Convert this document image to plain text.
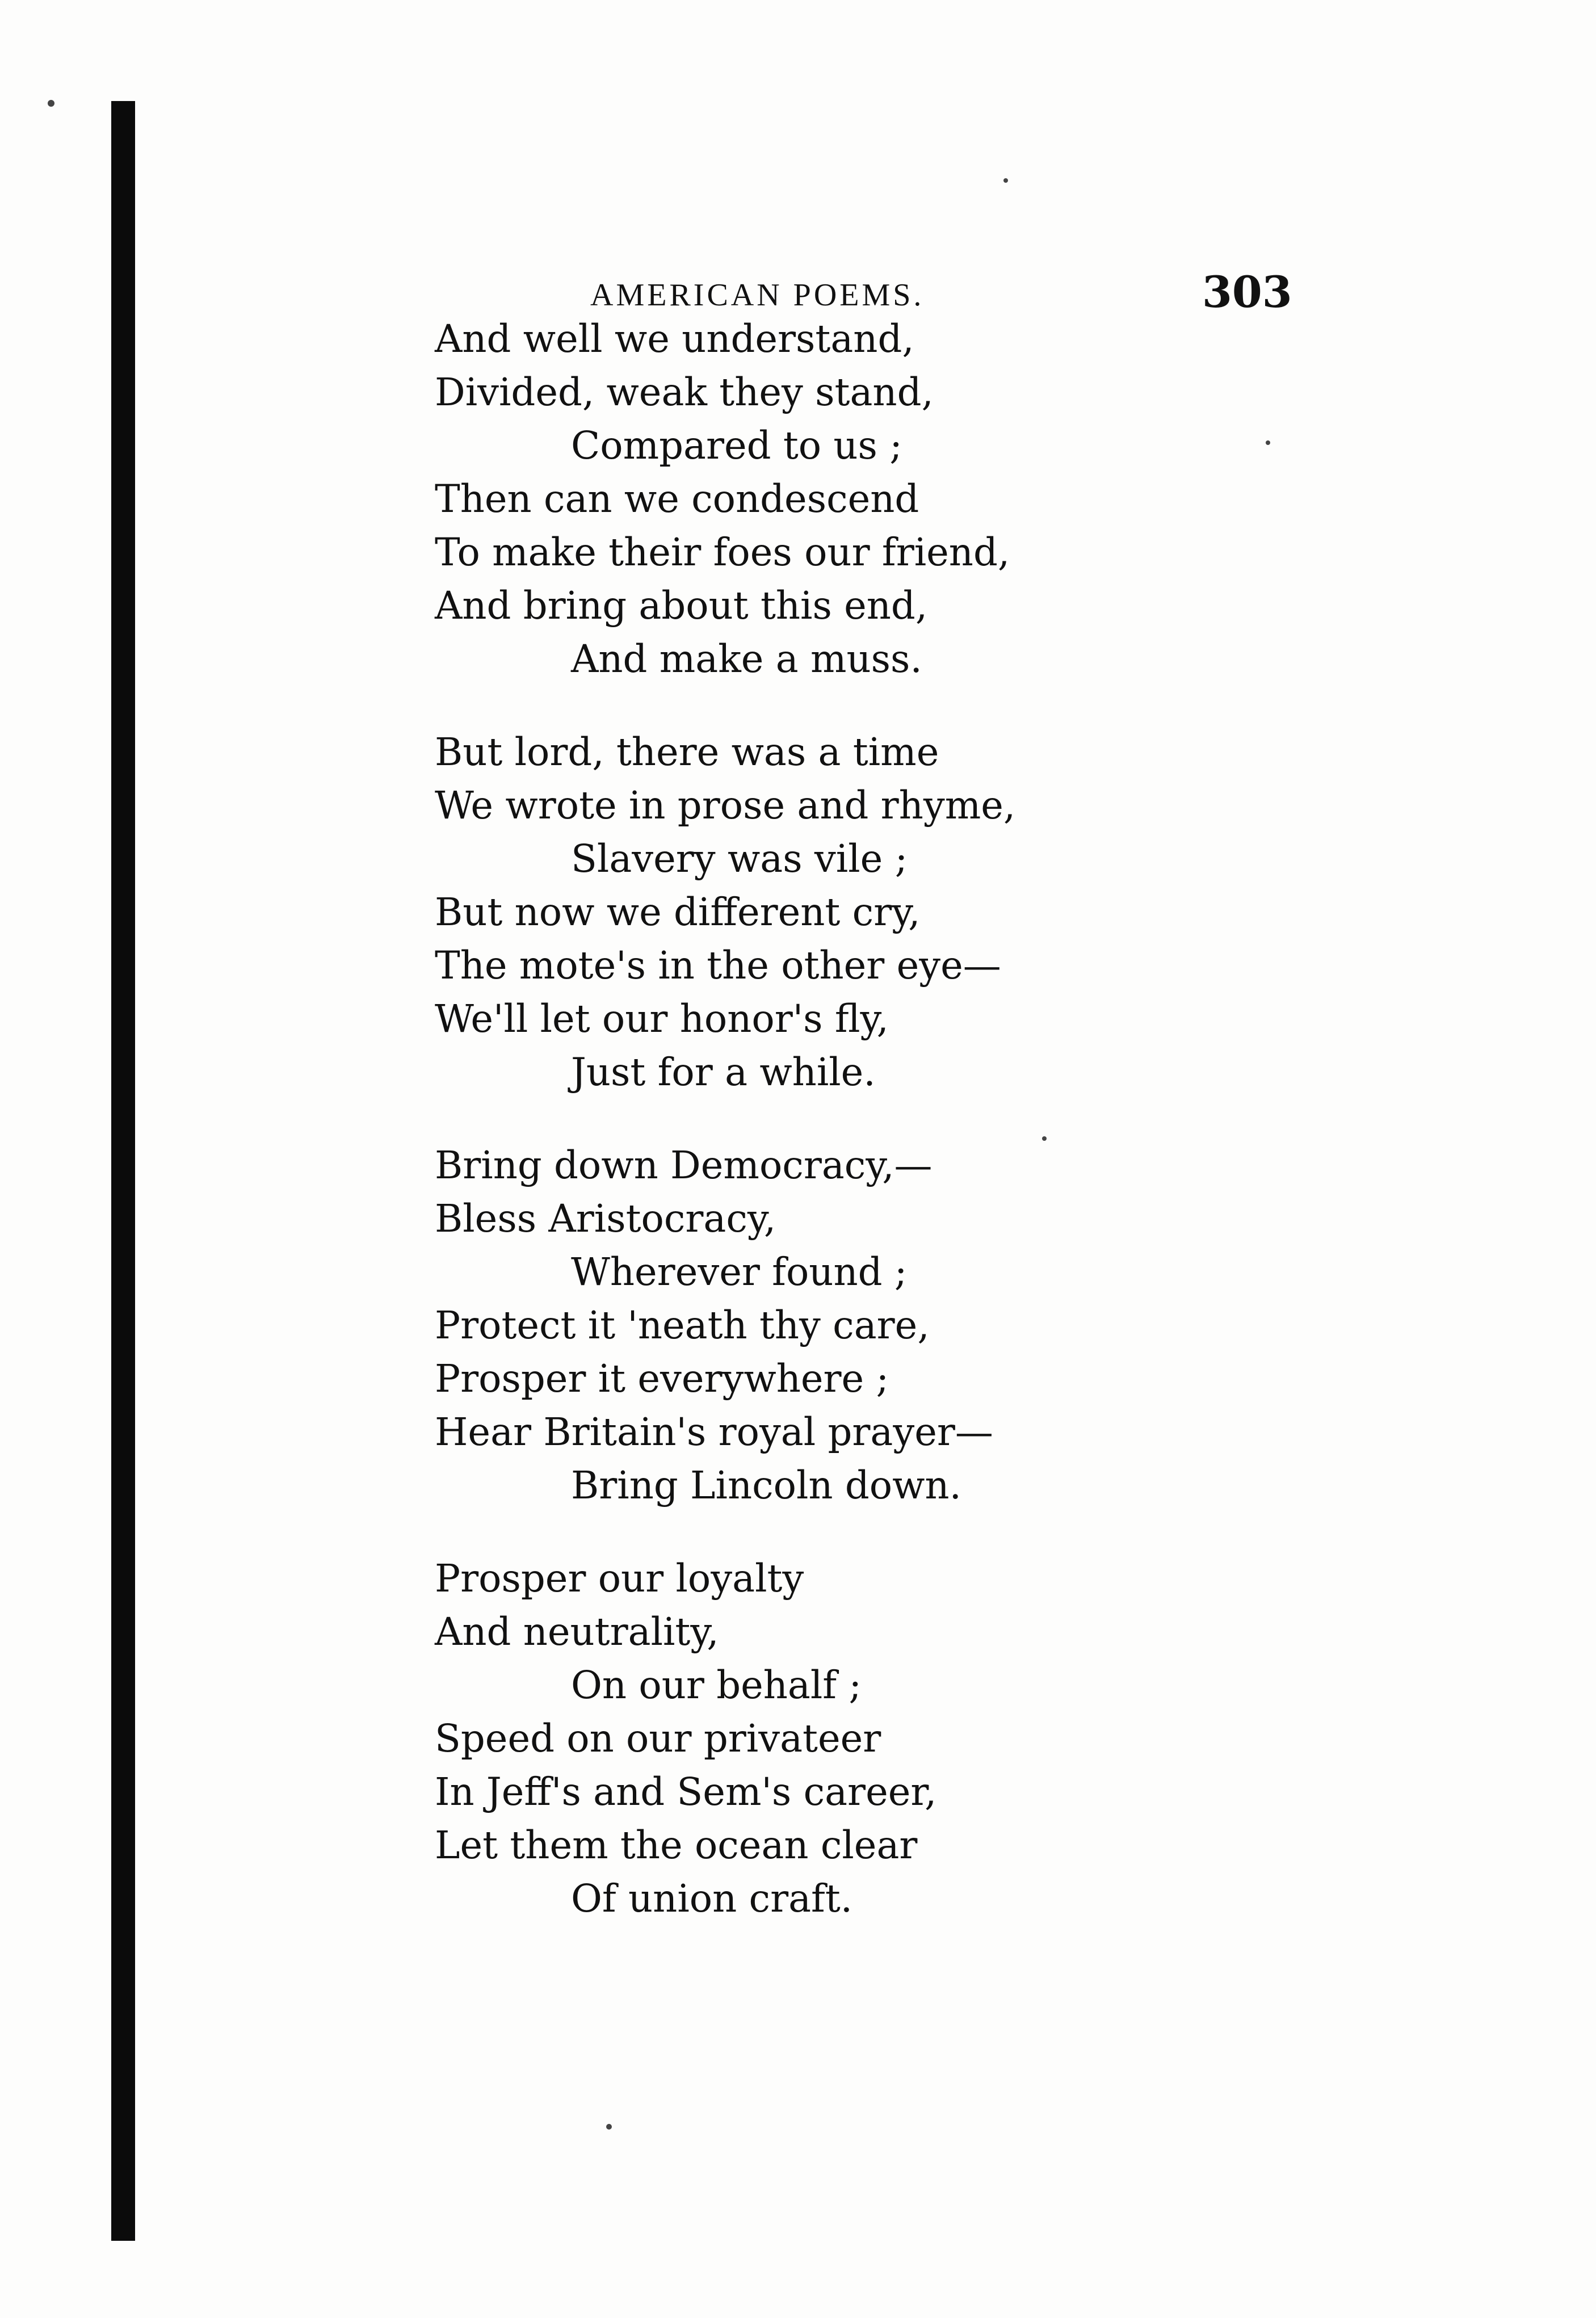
AMERICAN POEMS.	303
And well we understand,
Divided, weak they stand,
Compared to us ;
Then can we condescend
To make their foes our friend,
And bring about this end,
And make a muss.
But lord, there was a time
We wrote in prose and rhyme,
Slavery was vile ;
But now we different cry,
The mote's in the other eye—
We'll let our honor's fly,
Just for a while.
Bring down Democracy,—
Bless Aristocracy,
Wherever found ;
Protect it 'neath thy care,
Prosper it everywhere ;
Hear Britain's royal prayer—
Bring Lincoln down.
Prosper our loyalty
And neutrality,
On our behalf ;
Speed on our privateer
In Jeff's and Sem's career,
Let them the ocean clear
Of union craft.
